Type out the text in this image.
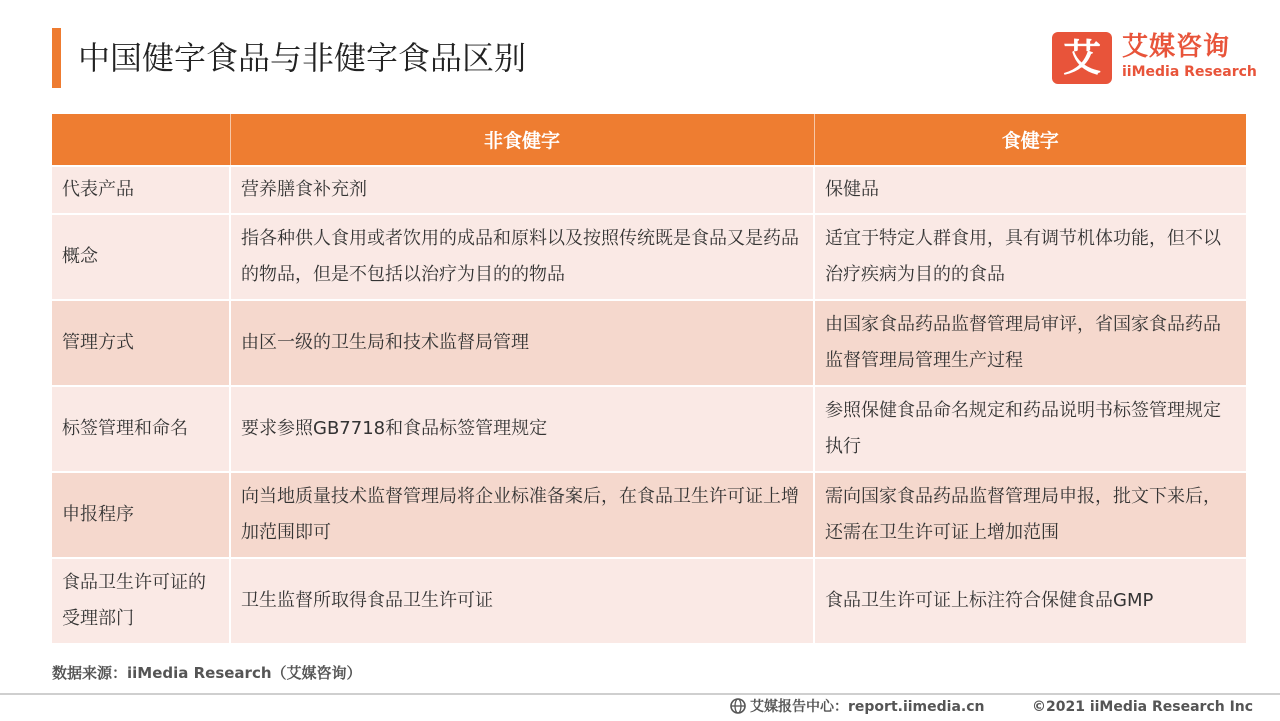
中国健字食品与非健字食品区别	艾 艾媒咨询
iiMedia Research
	非食健字	食健字
代表产品	营养膳食补充剂	保健品
概念	指各种供人食用或者饮用的成品和原料以及按照传统既是食品又是药品的物品，但是不包括以治疗为目的的物品	适宜于特定人群食用，具有调节机体功能，但不以治疗疾病为目的的食品
管理方式	由区一级的卫生局和技术监督局管理	由国家食品药品监督管理局审评，省国家食品药品监督管理局管理生产过程
标签管理和命名	要求参照GB7718和食品标签管理规定	参照保健食品命名规定和药品说明书标签管理规定执行
申报程序	向当地质量技术监督管理局将企业标准备案后，在食品卫生许可证上增加范围即可	需向国家食品药品监督管理局申报，批文下来后，还需在卫生许可证上增加范围
食品卫生许可证的受理部门	卫生监督所取得食品卫生许可证	食品卫生许可证上标注符合保健食品GMP
数据来源：iiMedia Research（艾媒咨询）
艾媒报告中心：report.iimedia.cn	©2021 iiMedia Research Inc
